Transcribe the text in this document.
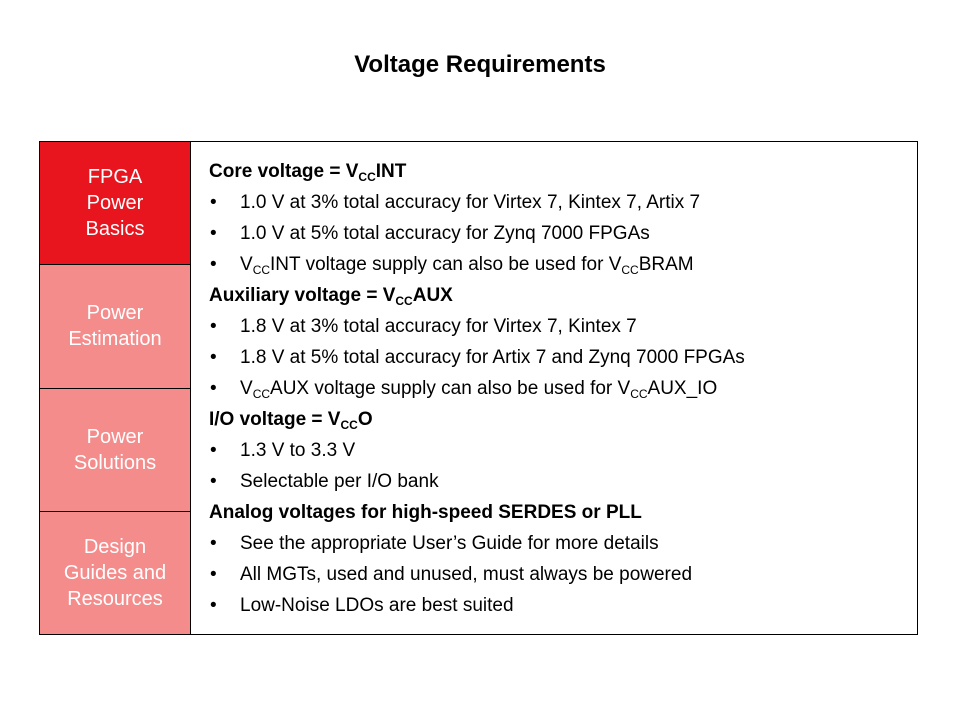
Voltage Requirements
FPGA
Power
Basics
Power
Estimation
Power
Solutions
Design
Guides and
Resources
Core voltage = $V_{CC}INT$
• 1.0 V at 3% total accuracy for Virtex 7, Kintex 7, Artix 7
• 1.0 V at 5% total accuracy for Zynq 7000 FPGAs
• $V_{CC}INT$ voltage supply can also be used for $V_{CC}BRAM$
Auxiliary voltage = $V_{CC}AUX$
• 1.8 V at 3% total accuracy for Virtex 7, Kintex 7
• 1.8 V at 5% total accuracy for Artix 7 and Zynq 7000 FPGAs
• $V_{CC}AUX$ voltage supply can also be used for $V_{CC}AUX\_IO$
I/O voltage = $V_{CC}O$
• 1.3 V to 3.3 V
• Selectable per I/O bank
Analog voltages for high-speed SERDES or PLL
• See the appropriate User’s Guide for more details
• All MGTs, used and unused, must always be powered
• Low-Noise LDOs are best suited
